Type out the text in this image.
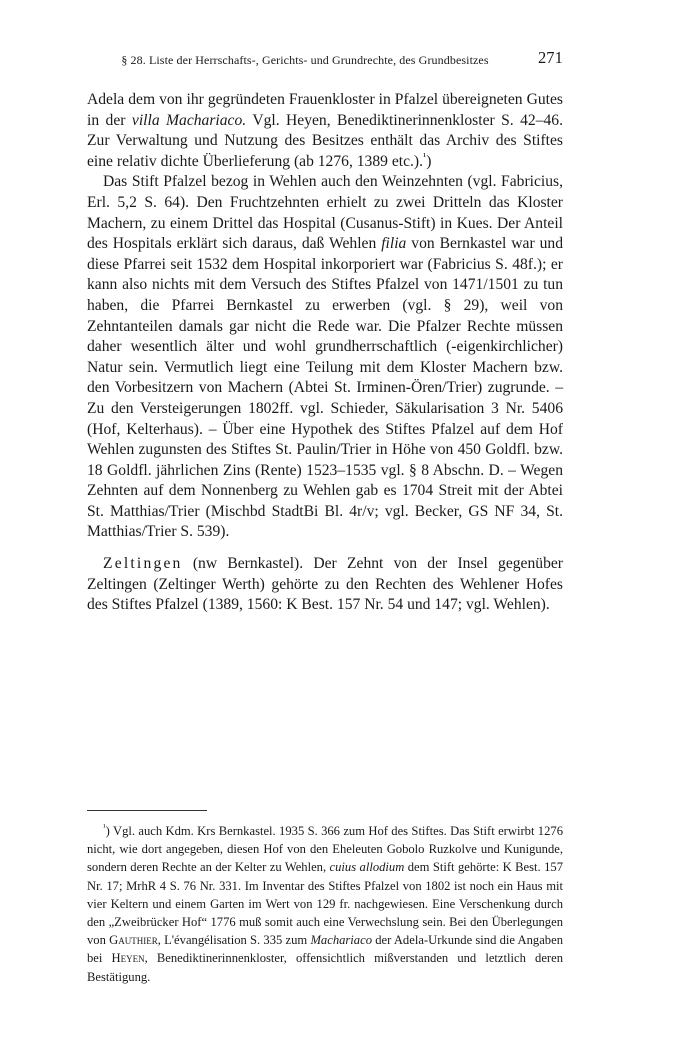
§ 28. Liste der Herrschafts-, Gerichts- und Grundrechte, des Grundbesitzes	271

Adela dem von ihr gegründeten Frauenkloster in Pfalzel übereigneten Gutes in der villa Machariaco. Vgl. Heyen, Benediktinerinnenkloster S. 42–46. Zur Verwaltung und Nutzung des Besitzes enthält das Archiv des Stiftes eine relativ dichte Überlieferung (ab 1276, 1389 etc.).$^{^1}$)

Das Stift Pfalzel bezog in Wehlen auch den Weinzehnten (vgl. Fabricius, Erl. 5,2 S. 64). Den Fruchtzehnten erhielt zu zwei Dritteln das Kloster Machern, zu einem Drittel das Hospital (Cusanus-Stift) in Kues. Der Anteil des Hospitals erklärt sich daraus, daß Wehlen filia von Bernkastel war und diese Pfarrei seit 1532 dem Hospital inkorporiert war (Fabricius S. 48f.); er kann also nichts mit dem Versuch des Stiftes Pfalzel von 1471/1501 zu tun haben, die Pfarrei Bernkastel zu erwerben (vgl. § 29), weil von Zehntanteilen damals gar nicht die Rede war. Die Pfalzer Rechte müssen daher wesentlich älter und wohl grundherrschaftlich (-eigenkirchlicher) Natur sein. Vermutlich liegt eine Teilung mit dem Kloster Machern bzw. den Vorbesitzern von Machern (Abtei St. Irminen-Ören/Trier) zugrunde. – Zu den Versteigerungen 1802ff. vgl. Schieder, Säkularisation 3 Nr. 5406 (Hof, Kelterhaus). – Über eine Hypothek des Stiftes Pfalzel auf dem Hof Wehlen zugunsten des Stiftes St. Paulin/Trier in Höhe von 450 Goldfl. bzw. 18 Goldfl. jährlichen Zins (Rente) 1523–1535 vgl. § 8 Abschn. D. – Wegen Zehnten auf dem Nonnenberg zu Wehlen gab es 1704 Streit mit der Abtei St. Matthias/Trier (Mischbd StadtBi Bl. 4r/v; vgl. Becker, GS NF 34, St. Matthias/Trier S. 539).

Zeltingen (nw Bernkastel). Der Zehnt von der Insel gegenüber Zeltingen (Zeltinger Werth) gehörte zu den Rechten des Wehlener Hofes des Stiftes Pfalzel (1389, 1560: K Best. 157 Nr. 54 und 147; vgl. Wehlen).

$^{^1}$) Vgl. auch Kdm. Krs Bernkastel. 1935 S. 366 zum Hof des Stiftes. Das Stift erwirbt 1276 nicht, wie dort angegeben, diesen Hof von den Eheleuten Gobolo Ruzkolve und Kunigunde, sondern deren Rechte an der Kelter zu Wehlen, cuius allodium dem Stift gehörte: K Best. 157 Nr. 17; MrhR 4 S. 76 Nr. 331. Im Inventar des Stiftes Pfalzel von 1802 ist noch ein Haus mit vier Keltern und einem Garten im Wert von 129 fr. nachgewiesen. Eine Verschenkung durch den „Zweibrücker Hof“ 1776 muß somit auch eine Verwechslung sein. Bei den Überlegungen von Gauthier, L'évangélisation S. 335 zum Machariaco der Adela-Urkunde sind die Angaben bei Heyen, Benediktinerinnenkloster, offensichtlich mißverstanden und letztlich deren Bestätigung.
